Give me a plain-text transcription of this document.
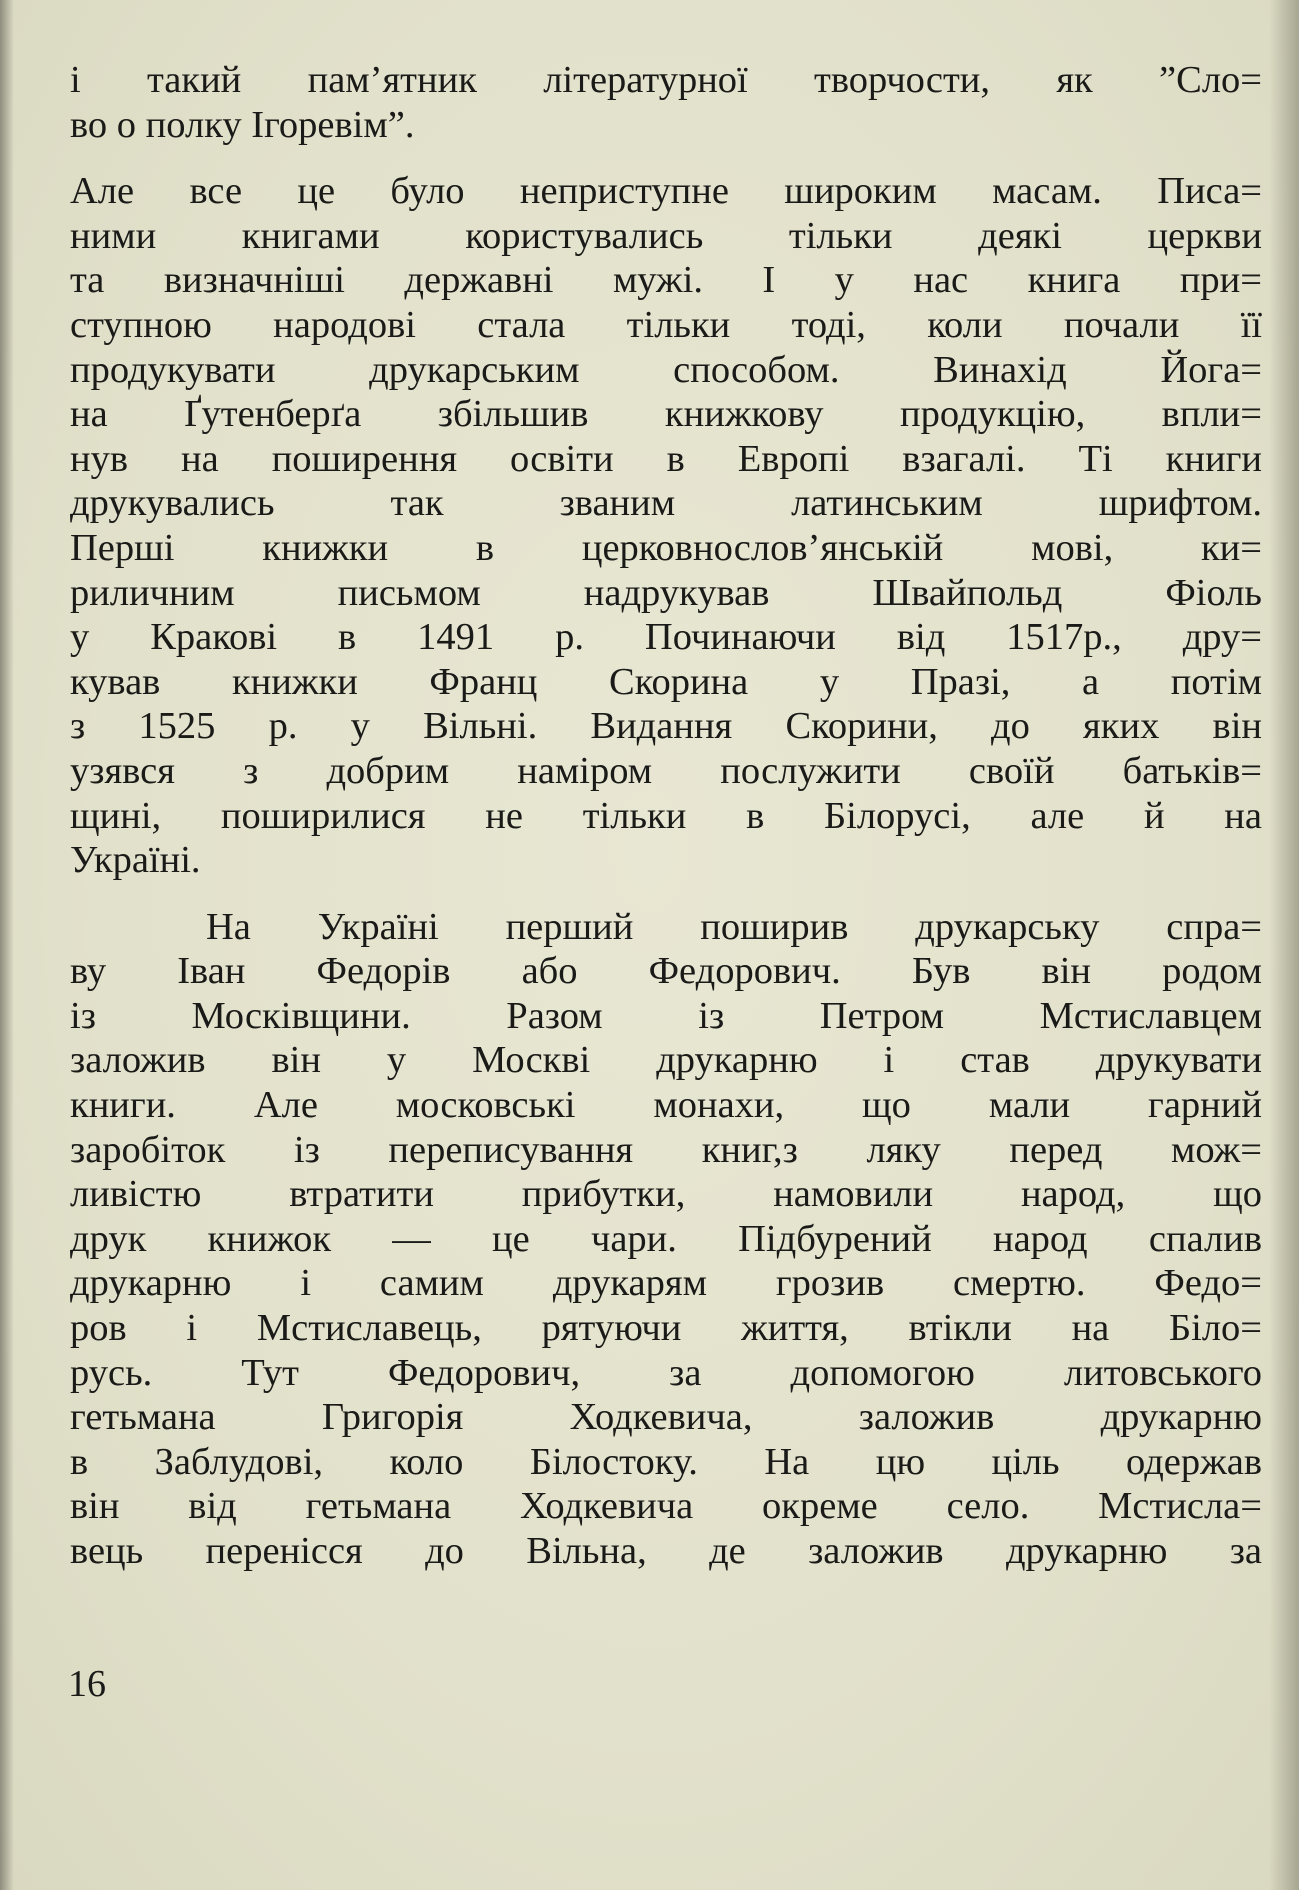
і такий пам’ятник літературної творчости, як ”Сло=
во о полку Ігоревім”.
Але все це було неприступне широким масам. Писа=
ними книгами користувались тільки деякі церкви
та визначніші державні мужі. І у нас книга при=
ступною народові стала тільки тоді, коли почали її
продукувати друкарським способом. Винахід Йога=
на Ґутенберґа збільшив книжкову продукцію, впли=
нув на поширення освіти в Европі взагалі. Ті книги
друкувались так званим латинським шрифтом.
Перші книжки в церковнослов’янській мові, ки=
риличним письмом надрукував Швайпольд Фіоль
у Кракові в 1491 р. Починаючи від 1517р., дру=
кував книжки Франц Скорина у Празі, а потім
з 1525 р. у Вільні. Видання Скорини, до яких він
узявся з добрим наміром послужити своїй батьків=
щині, поширилися не тільки в Білорусі, але й на
Україні.
На Україні перший поширив друкарську спра=
ву Іван Федорів або Федорович. Був він родом
із Москівщини. Разом із Петром Мстиславцем
заложив він у Москві друкарню і став друкувати
книги. Але московські монахи, що мали гарний
заробіток із переписування книг,з ляку перед мож=
ливістю втратити прибутки, намовили народ, що
друк книжок — це чари. Підбурений народ спалив
друкарню і самим друкарям грозив смертю. Федо=
ров і Мстиславець, рятуючи життя, втікли на Біло=
русь. Тут Федорович, за допомогою литовського
гетьмана Григорія Ходкевича, заложив друкарню
в Заблудові, коло Білостоку. На цю ціль одержав
він від гетьмана Ходкевича окреме село. Мстисла=
вець перенісся до Вільна, де заложив друкарню за
16
